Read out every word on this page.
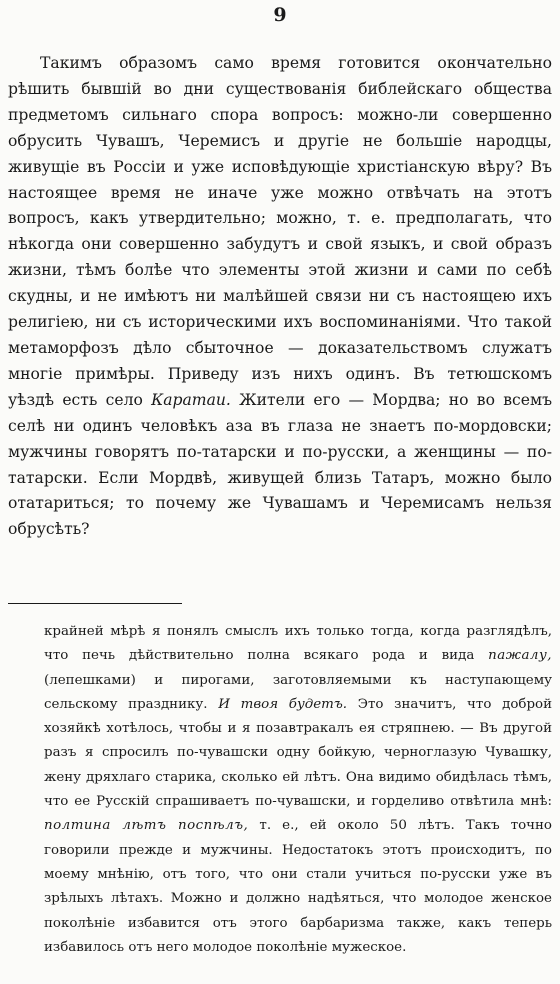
9

Такимъ образомъ само время готовится окончательно рѣшить бывшій во дни существованія библейскаго общества предметомъ сильнаго спора вопросъ: можно-ли совершенно обрусить Чувашъ, Черемисъ и другіе не большіе народцы, живущіе въ Россіи и уже исповѣдующіе христіанскую вѣру? Въ настоящее время не иначе уже можно отвѣчать на этотъ вопросъ, какъ утвердительно; можно, т. е. предполагать, что нѣкогда они совершенно забудутъ и свой языкъ, и свой образъ жизни, тѣмъ болѣе что элементы этой жизни и сами по себѣ скудны, и не имѣютъ ни малѣйшей связи ни съ настоящею ихъ религіею, ни съ историческими ихъ воспоминаніями. Что такой метаморфозъ дѣло сбыточное — доказательствомъ служатъ многіе примѣры. Приведу изъ нихъ одинъ. Въ тетюшскомъ уѣздѣ есть село Каратаи. Жители его — Мордва; но во всемъ селѣ ни одинъ человѣкъ аза въ глаза не знаетъ по-мордовски; мужчины говорятъ по-татарски и по-русски, а женщины — по-татарски. Если Мордвѣ, живущей близь Татаръ, можно было отатариться; то почему же Чувашамъ и Черемисамъ нельзя обрусѣть?

крайней мѣрѣ я понялъ смыслъ ихъ только тогда, когда разглядѣлъ, что печь дѣйствительно полна всякаго рода и вида пажалу, (лепешками) и пирогами, заготовляемыми къ наступающему сельскому празднику. И твоя будетъ. Это значитъ, что доброй хозяйкѣ хотѣлось, чтобы и я позавтракалъ ея стряпнею. — Въ другой разъ я спросилъ по-чувашски одну бойкую, черноглазую Чувашку, жену дряхлаго старика, сколько ей лѣтъ. Она видимо обидѣлась тѣмъ, что ее Русскій спрашиваетъ по-чувашски, и горделиво отвѣтила мнѣ: полтина лѣтъ поспѣлъ, т. е., ей около 50 лѣтъ. Такъ точно говорили прежде и мужчины. Недостатокъ этотъ происходитъ, по моему мнѣнію, отъ того, что они стали учиться по-русски уже въ зрѣлыхъ лѣтахъ. Можно и должно надѣяться, что молодое женское поколѣніе избавится отъ этого барбаризма также, какъ теперь избавилось отъ него молодое поколѣніе мужеское.
